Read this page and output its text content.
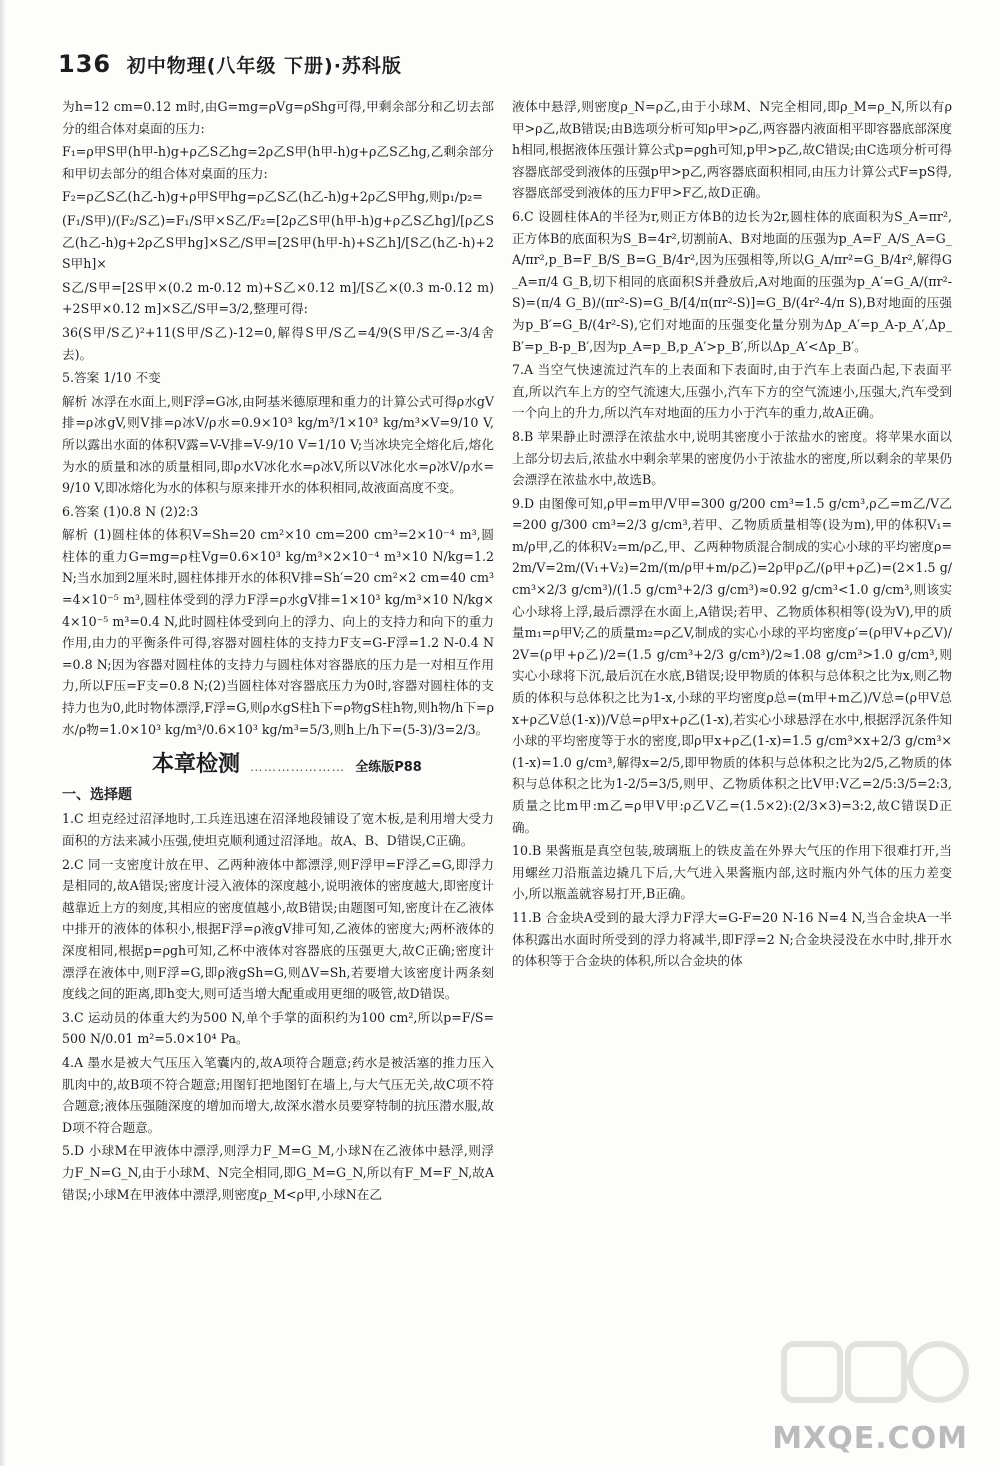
136 初中物理(八年级 下册)·苏科版

为h=12 cm=0.12 m时,由G=mg=ρVg=ρShg可得,甲剩余部分和乙切去部分的组合体对桌面的压力:

F₁=ρ甲S甲(h甲-h)g+ρ乙S乙hg=2ρ乙S甲(h甲-h)g+ρ乙S乙hg,乙剩余部分和甲切去部分的组合体对桌面的压力:

F₂=ρ乙S乙(h乙-h)g+ρ甲S甲hg=ρ乙S乙(h乙-h)g+2ρ乙S甲hg,则p₁/p₂=

(F₁/S甲)/(F₂/S乙)=F₁/S甲×S乙/F₂=[2ρ乙S甲(h甲-h)g+ρ乙S乙hg]/[ρ乙S乙(h乙-h)g+2ρ乙S甲hg]×S乙/S甲=[2S甲(h甲-h)+S乙h]/[S乙(h乙-h)+2S甲h]×

S乙/S甲=[2S甲×(0.2 m-0.12 m)+S乙×0.12 m]/[S乙×(0.3 m-0.12 m)+2S甲×0.12 m]×S乙/S甲=3/2,整理可得:

36(S甲/S乙)²+11(S甲/S乙)-12=0,解得S甲/S乙=4/9(S甲/S乙=-3/4舍去)。

5.答案 1/10 不变

解析 冰浮在水面上,则F浮=G冰,由阿基米德原理和重力的计算公式可得ρ水gV排=ρ冰gV,则V排=ρ冰V/ρ水=0.9×10³ kg/m³/1×10³ kg/m³×V=9/10 V,所以露出水面的体积V露=V-V排=V-9/10 V=1/10 V;当冰块完全熔化后,熔化为水的质量和冰的质量相同,即ρ水V冰化水=ρ冰V,所以V冰化水=ρ冰V/ρ水=9/10 V,即冰熔化为水的体积与原来排开水的体积相同,故液面高度不变。

6.答案 (1)0.8 N (2)2:3

解析 (1)圆柱体的体积V=Sh=20 cm²×10 cm=200 cm³=2×10⁻⁴ m³,圆柱体的重力G=mg=ρ柱Vg=0.6×10³ kg/m³×2×10⁻⁴ m³×10 N/kg=1.2 N;当水加到2厘米时,圆柱体排开水的体积V排=Sh′=20 cm²×2 cm=40 cm³=4×10⁻⁵ m³,圆柱体受到的浮力F浮=ρ水gV排=1×10³ kg/m³×10 N/kg×4×10⁻⁵ m³=0.4 N,此时圆柱体受到向上的浮力、向上的支持力和向下的重力作用,由力的平衡条件可得,容器对圆柱体的支持力F支=G-F浮=1.2 N-0.4 N=0.8 N;因为容器对圆柱体的支持力与圆柱体对容器底的压力是一对相互作用力,所以F压=F支=0.8 N;(2)当圆柱体对容器底压力为0时,容器对圆柱体的支持力也为0,此时物体漂浮,F浮=G,则ρ水gS柱h下=ρ物gS柱h物,则h物/h下=ρ水/ρ物=1.0×10³ kg/m³/0.6×10³ kg/m³=5/3,则h上/h下=(5-3)/3=2/3。

本章检测 ………………… 全练版P88
一、选择题

1.C 坦克经过沼泽地时,工兵连迅速在沼泽地段铺设了宽木板,是利用增大受力面积的方法来减小压强,使坦克顺利通过沼泽地。故A、B、D错误,C正确。

2.C 同一支密度计放在甲、乙两种液体中都漂浮,则F浮甲=F浮乙=G,即浮力是相同的,故A错误;密度计浸入液体的深度越小,说明液体的密度越大,即密度计越靠近上方的刻度,其相应的密度值越小,故B错误;由题图可知,密度计在乙液体中排开的液体的体积小,根据F浮=ρ液gV排可知,乙液体的密度大;两杯液体的深度相同,根据p=ρgh可知,乙杯中液体对容器底的压强更大,故C正确;密度计漂浮在液体中,则F浮=G,即ρ液gSh=G,则ΔV=Sh,若要增大该密度计两条刻度线之间的距离,即h变大,则可适当增大配重或用更细的吸管,故D错误。

3.C 运动员的体重大约为500 N,单个手掌的面积约为100 cm²,所以p=F/S=500 N/0.01 m²=5.0×10⁴ Pa。

4.A 墨水是被大气压压入笔囊内的,故A项符合题意;药水是被活塞的推力压入肌肉中的,故B项不符合题意;用图钉把地图钉在墙上,与大气压无关,故C项不符合题意;液体压强随深度的增加而增大,故深水潜水员要穿特制的抗压潜水服,故D项不符合题意。

5.D 小球M在甲液体中漂浮,则浮力F_M=G_M,小球N在乙液体中悬浮,则浮力F_N=G_N,由于小球M、N完全相同,即G_M=G_N,所以有F_M=F_N,故A错误;小球M在甲液体中漂浮,则密度ρ_M<ρ甲,小球N在乙

液体中悬浮,则密度ρ_N=ρ乙,由于小球M、N完全相同,即ρ_M=ρ_N,所以有ρ甲>ρ乙,故B错误;由B选项分析可知ρ甲>ρ乙,两容器内液面相平即容器底部深度h相同,根据液体压强计算公式p=ρgh可知,p甲>p乙,故C错误;由C选项分析可得容器底部受到液体的压强p甲>p乙,两容器底面积相同,由压力计算公式F=pS得,容器底部受到液体的压力F甲>F乙,故D正确。

6.C 设圆柱体A的半径为r,则正方体B的边长为2r,圆柱体的底面积为S_A=πr²,正方体B的底面积为S_B=4r²,切割前A、B对地面的压强为p_A=F_A/S_A=G_A/πr²,p_B=F_B/S_B=G_B/4r²,因为压强相等,所以G_A/πr²=G_B/4r²,解得G_A=π/4 G_B,切下相同的底面积S并叠放后,A对地面的压强为p_A′=G_A/(πr²-S)=(π/4 G_B)/(πr²-S)=G_B/[4/π(πr²-S)]=G_B/(4r²-4/π S),B对地面的压强为p_B′=G_B/(4r²-S),它们对地面的压强变化量分别为Δp_A′=p_A-p_A′,Δp_B′=p_B-p_B′,因为p_A=p_B,p_A′>p_B′,所以Δp_A′<Δp_B′。

7.A 当空气快速流过汽车的上表面和下表面时,由于汽车上表面凸起,下表面平直,所以汽车上方的空气流速大,压强小,汽车下方的空气流速小,压强大,汽车受到一个向上的升力,所以汽车对地面的压力小于汽车的重力,故A正确。

8.B 苹果静止时漂浮在浓盐水中,说明其密度小于浓盐水的密度。将苹果水面以上部分切去后,浓盐水中剩余苹果的密度仍小于浓盐水的密度,所以剩余的苹果仍会漂浮在浓盐水中,故选B。

9.D 由图像可知,ρ甲=m甲/V甲=300 g/200 cm³=1.5 g/cm³,ρ乙=m乙/V乙=200 g/300 cm³=2/3 g/cm³,若甲、乙物质质量相等(设为m),甲的体积V₁=m/ρ甲,乙的体积V₂=m/ρ乙,甲、乙两种物质混合制成的实心小球的平均密度ρ=2m/V=2m/(V₁+V₂)=2m/(m/ρ甲+m/ρ乙)=2ρ甲ρ乙/(ρ甲+ρ乙)=(2×1.5 g/cm³×2/3 g/cm³)/(1.5 g/cm³+2/3 g/cm³)≈0.92 g/cm³<1.0 g/cm³,则该实心小球将上浮,最后漂浮在水面上,A错误;若甲、乙物质体积相等(设为V),甲的质量m₁=ρ甲V;乙的质量m₂=ρ乙V,制成的实心小球的平均密度ρ′=(ρ甲V+ρ乙V)/2V=(ρ甲+ρ乙)/2=(1.5 g/cm³+2/3 g/cm³)/2≈1.08 g/cm³>1.0 g/cm³,则实心小球将下沉,最后沉在水底,B错误;设甲物质的体积与总体积之比为x,则乙物质的体积与总体积之比为1-x,小球的平均密度ρ总=(m甲+m乙)/V总=(ρ甲V总x+ρ乙V总(1-x))/V总=ρ甲x+ρ乙(1-x),若实心小球悬浮在水中,根据浮沉条件知小球的平均密度等于水的密度,即ρ甲x+ρ乙(1-x)=1.5 g/cm³×x+2/3 g/cm³×(1-x)=1.0 g/cm³,解得x=2/5,即甲物质的体积与总体积之比为2/5,乙物质的体积与总体积之比为1-2/5=3/5,则甲、乙物质体积之比V甲:V乙=2/5:3/5=2:3,质量之比m甲:m乙=ρ甲V甲:ρ乙V乙=(1.5×2):(2/3×3)=3:2,故C错误D正确。

10.B 果酱瓶是真空包装,玻璃瓶上的铁皮盖在外界大气压的作用下很难打开,当用螺丝刀沿瓶盖边撬几下后,大气进入果酱瓶内部,这时瓶内外气体的压力差变小,所以瓶盖就容易打开,B正确。

11.B 合金块A受到的最大浮力F浮大=G-F=20 N-16 N=4 N,当合金块A一半体积露出水面时所受到的浮力将减半,即F浮=2 N;合金块浸没在水中时,排开水的体积等于合金块的体积,所以合金块的体

MXQE.COM
